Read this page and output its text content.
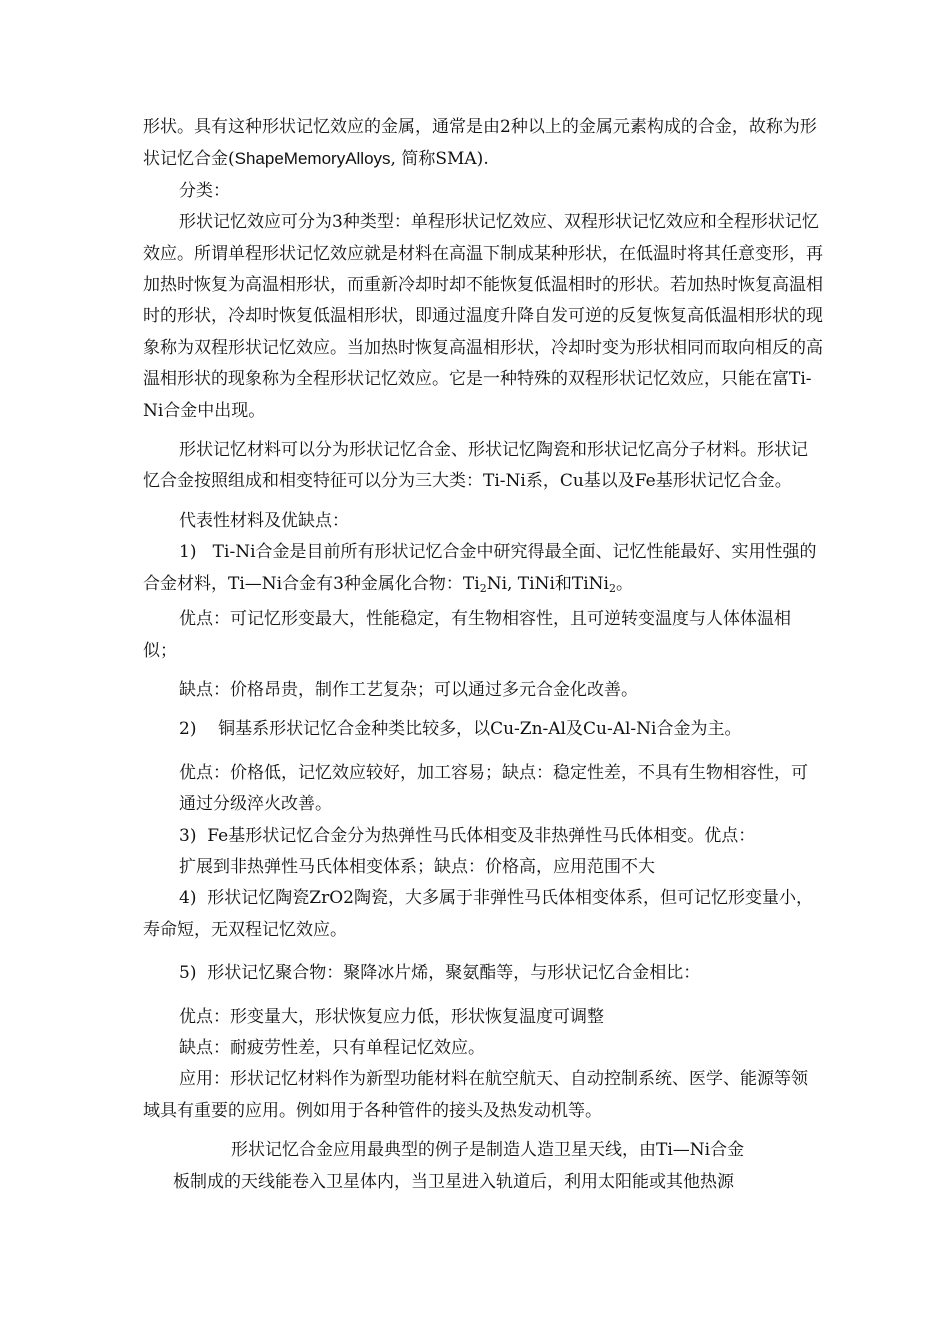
形状。具有这种形状记忆效应的金属，通常是由2种以上的金属元素构成的合金，故称为形状记忆合金(ShapeMemoryAlloys, 简称SMA).

分类：

形状记忆效应可分为3种类型：单程形状记忆效应、双程形状记忆效应和全程形状记忆效应。所谓单程形状记忆效应就是材料在高温下制成某种形状，在低温时将其任意变形，再加热时恢复为高温相形状，而重新冷却时却不能恢复低温相时的形状。若加热时恢复高温相时的形状，冷却时恢复低温相形状，即通过温度升降自发可逆的反复恢复高低温相形状的现象称为双程形状记忆效应。当加热时恢复高温相形状，冷却时变为形状相同而取向相反的高温相形状的现象称为全程形状记忆效应。它是一种特殊的双程形状记忆效应，只能在富Ti-Ni合金中出现。

形状记忆材料可以分为形状记忆合金、形状记忆陶瓷和形状记忆高分子材料。形状记忆合金按照组成和相变特征可以分为三大类：Ti-Ni系，Cu基以及Fe基形状记忆合金。

代表性材料及优缺点：

1) Ti-Ni合金是目前所有形状记忆合金中研究得最全面、记忆性能最好、实用性强的合金材料，Ti—Ni合金有3种金属化合物：$Ti_2Ni$, TiNi和TiNi$_2$。

优点：可记忆形变最大，性能稳定，有生物相容性，且可逆转变温度与人体体温相似；

缺点：价格昂贵，制作工艺复杂；可以通过多元合金化改善。

2) 铜基系形状记忆合金种类比较多，以Cu-Zn-Al及Cu-Al-Ni合金为主。

优点：价格低，记忆效应较好，加工容易；缺点：稳定性差，不具有生物相容性，可通过分级淬火改善。

3) Fe基形状记忆合金分为热弹性马氏体相变及非热弹性马氏体相变。优点：

扩展到非热弹性马氏体相变体系；缺点：价格高，应用范围不大

4) 形状记忆陶瓷ZrO2陶瓷，大多属于非弹性马氏体相变体系，但可记忆形变量小，寿命短，无双程记忆效应。

5) 形状记忆聚合物：聚降冰片烯，聚氨酯等，与形状记忆合金相比：

优点：形变量大，形状恢复应力低，形状恢复温度可调整

缺点：耐疲劳性差，只有单程记忆效应。

应用：形状记忆材料作为新型功能材料在航空航天、自动控制系统、医学、能源等领域具有重要的应用。例如用于各种管件的接头及热发动机等。

形状记忆合金应用最典型的例子是制造人造卫星天线，由Ti—Ni合金

板制成的天线能卷入卫星体内，当卫星进入轨道后，利用太阳能或其他热源
